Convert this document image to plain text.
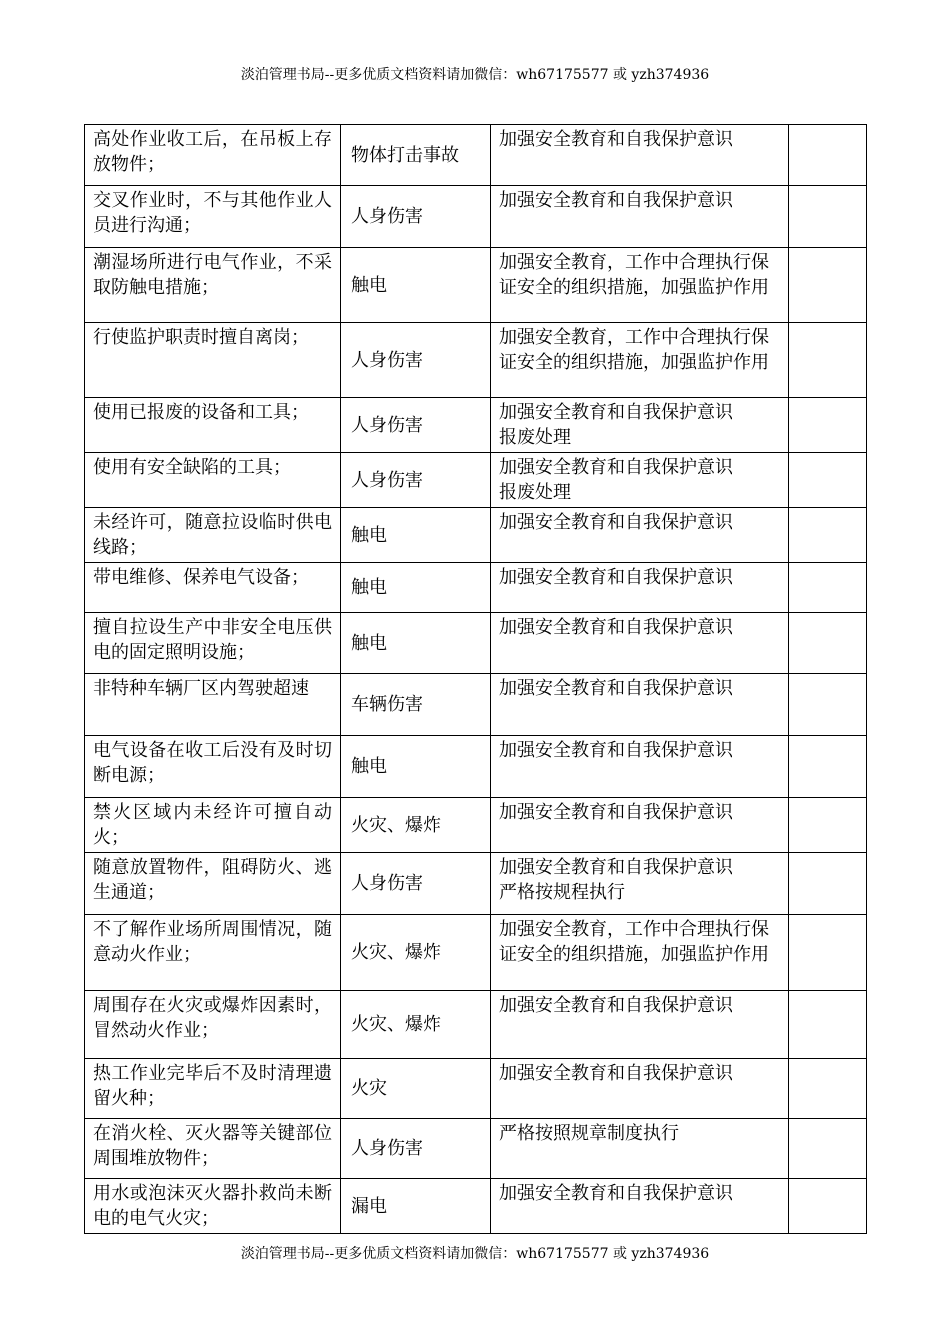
淡泊管理书局--更多优质文档资料请加微信：wh67175577 或 yzh374936
高处作业收工后，在吊板上存放物件；	物体打击事故	加强安全教育和自我保护意识	
交叉作业时，不与其他作业人员进行沟通；	人身伤害	加强安全教育和自我保护意识	
潮湿场所进行电气作业，不采取防触电措施；	触电	加强安全教育，工作中合理执行保证安全的组织措施，加强监护作用	
行使监护职责时擅自离岗；	人身伤害	加强安全教育，工作中合理执行保证安全的组织措施，加强监护作用	
使用已报废的设备和工具；	人身伤害	加强安全教育和自我保护意识
报废处理	

使用有安全缺陷的工具；	人身伤害	加强安全教育和自我保护意识
报废处理	

未经许可，随意拉设临时供电线路；	触电	加强安全教育和自我保护意识	
带电维修、保养电气设备；	触电	加强安全教育和自我保护意识	
擅自拉设生产中非安全电压供电的固定照明设施；	触电	加强安全教育和自我保护意识	
非特种车辆厂区内驾驶超速	车辆伤害	加强安全教育和自我保护意识	
电气设备在收工后没有及时切断电源；	触电	加强安全教育和自我保护意识	
禁火区域内未经许可擅自动火；	火灾、爆炸	加强安全教育和自我保护意识	
随意放置物件，阻碍防火、逃生通道；	人身伤害	加强安全教育和自我保护意识
严格按规程执行	

不了解作业场所周围情况，随意动火作业；	火灾、爆炸	加强安全教育，工作中合理执行保证安全的组织措施，加强监护作用	
周围存在火灾或爆炸因素时，冒然动火作业；	火灾、爆炸	加强安全教育和自我保护意识	
热工作业完毕后不及时清理遗留火种；	火灾	加强安全教育和自我保护意识	
在消火栓、灭火器等关键部位周围堆放物件；	人身伤害	严格按照规章制度执行	
用水或泡沫灭火器扑救尚未断电的电气火灾；	漏电	加强安全教育和自我保护意识	
淡泊管理书局--更多优质文档资料请加微信：wh67175577 或 yzh374936
